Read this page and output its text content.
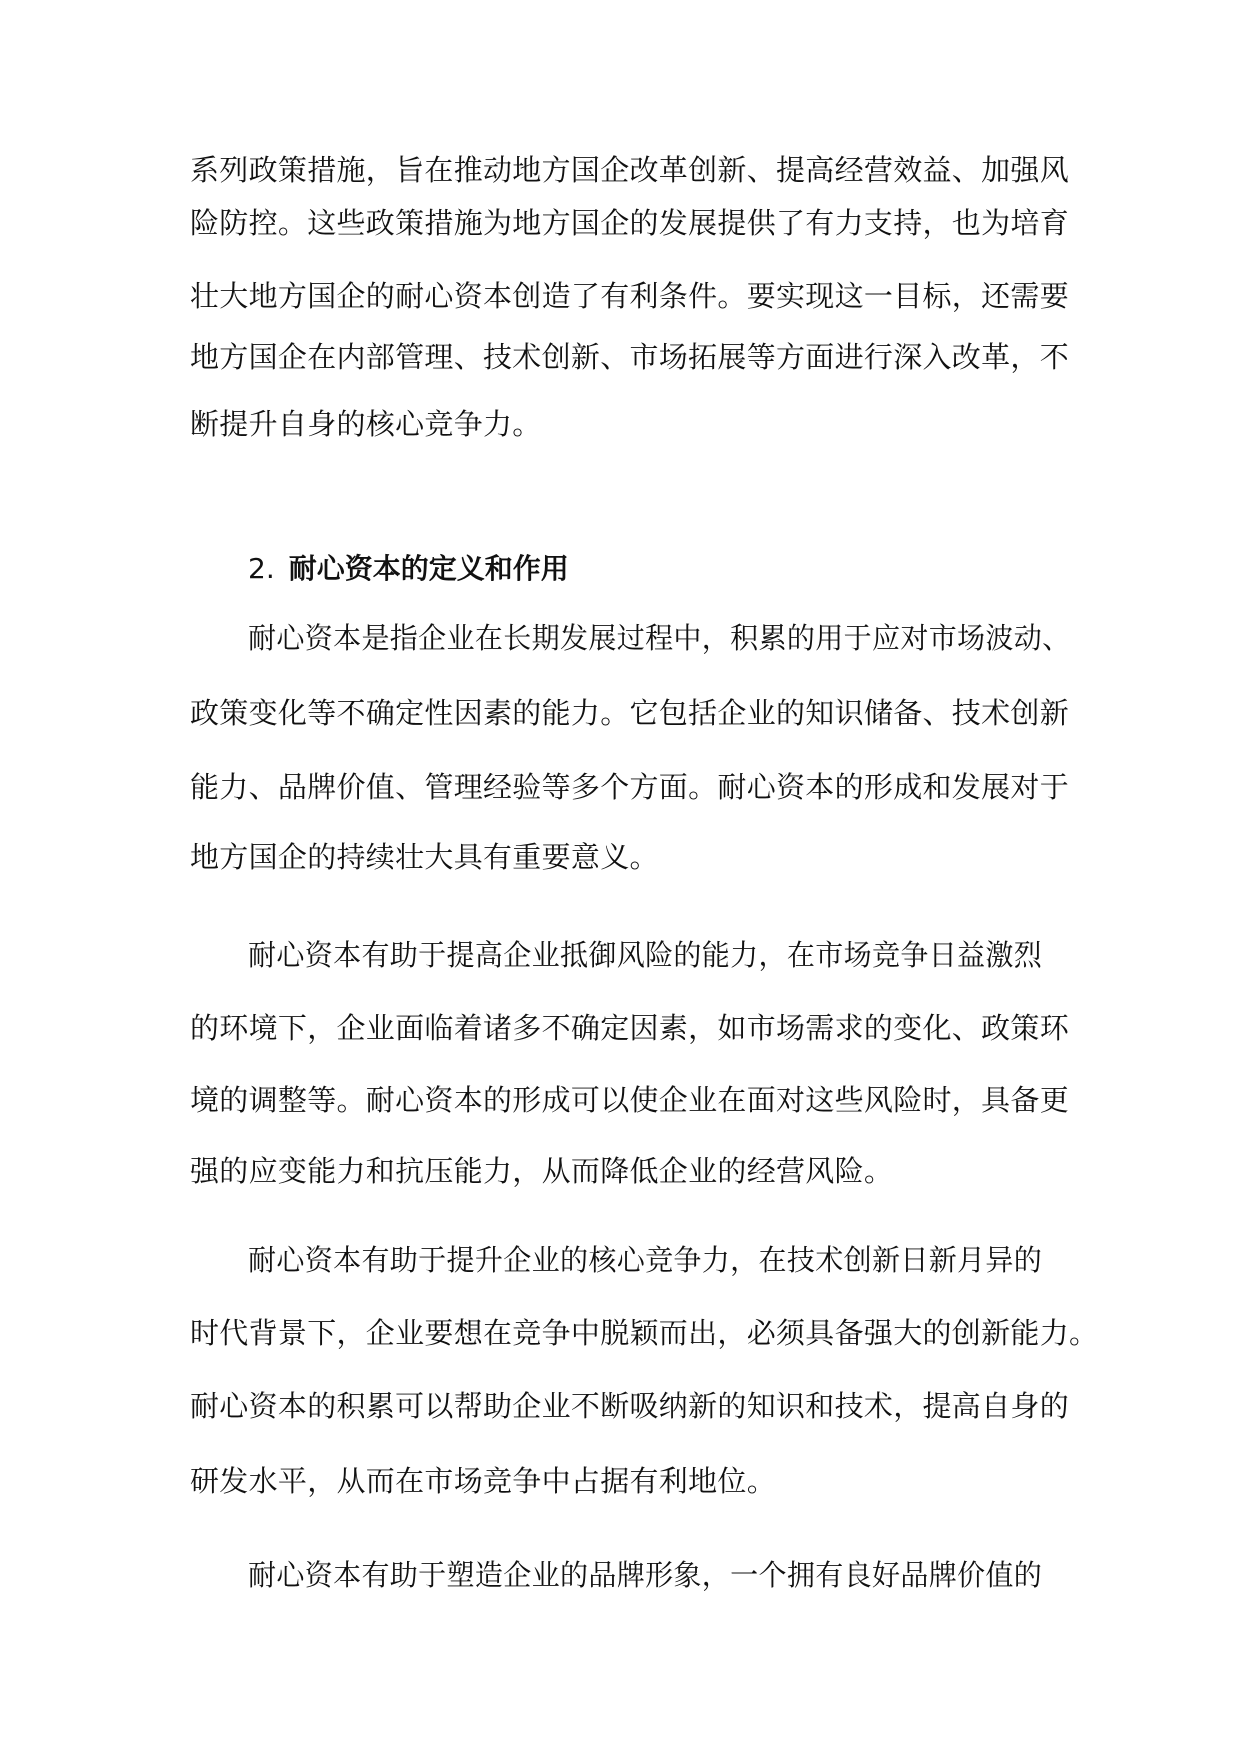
系列政策措施，旨在推动地方国企改革创新、提高经营效益、加强风
险防控。这些政策措施为地方国企的发展提供了有力支持，也为培育
壮大地方国企的耐心资本创造了有利条件。要实现这一目标，还需要
地方国企在内部管理、技术创新、市场拓展等方面进行深入改革，不
断提升自身的核心竞争力。
2. 耐心资本的定义和作用
耐心资本是指企业在长期发展过程中，积累的用于应对市场波动、
政策变化等不确定性因素的能力。它包括企业的知识储备、技术创新
能力、品牌价值、管理经验等多个方面。耐心资本的形成和发展对于
地方国企的持续壮大具有重要意义。
耐心资本有助于提高企业抵御风险的能力，在市场竞争日益激烈
的环境下，企业面临着诸多不确定因素，如市场需求的变化、政策环
境的调整等。耐心资本的形成可以使企业在面对这些风险时，具备更
强的应变能力和抗压能力，从而降低企业的经营风险。
耐心资本有助于提升企业的核心竞争力，在技术创新日新月异的
时代背景下，企业要想在竞争中脱颖而出，必须具备强大的创新能力。
耐心资本的积累可以帮助企业不断吸纳新的知识和技术，提高自身的
研发水平，从而在市场竞争中占据有利地位。
耐心资本有助于塑造企业的品牌形象，一个拥有良好品牌价值的
